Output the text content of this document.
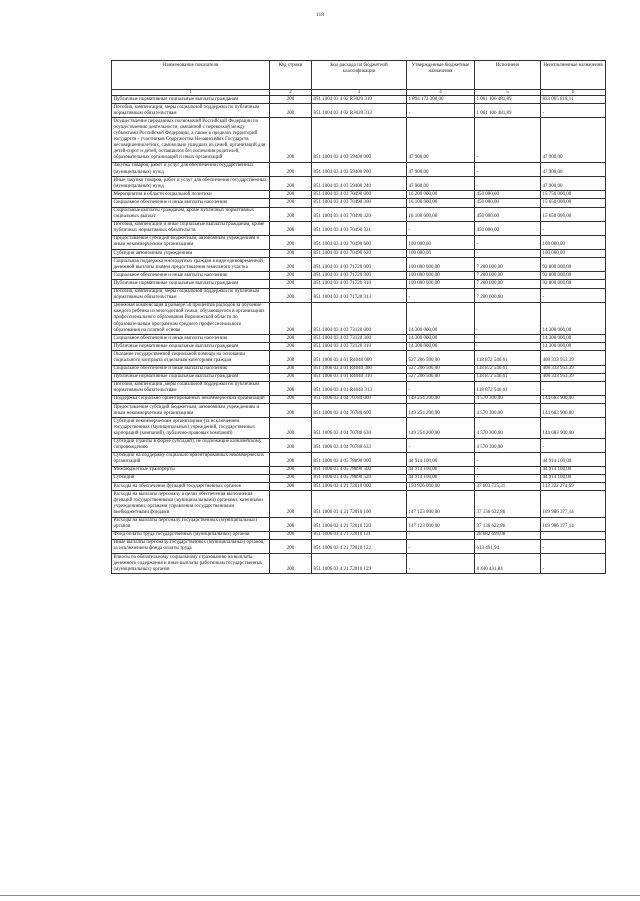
118
Наименование показателя	Код строки	Код расхода по бюджетной классификации	Утвержденные бюджетные назначения	Исполнено	Неисполненные назначения
1	2	3	4	5	6
Публичные нормативные социальные выплаты гражданам	200	851 1004 03 4 02 R3020 310	1 894 172 300,00	1 061 106 481,89	833 065 818,11
Пособия, компенсации, меры социальной поддержки по публичным нормативным обязательствам	200	851 1004 03 4 02 R3020 313	-	1 061 106 481,89	-
Осуществление переданных полномочий Российской Федерации по осуществлению деятельности, связанной с перевозкой между субъектами Российской Федерации, а также в пределах территорий государств - участников Содружества Независимых Государств несовершеннолетних, самовольно ушедших из семей, организаций для детей-сирот и детей, оставшихся без попечения родителей, образовательных организаций и иных организаций	200	851 1004 03 4 03 59400 000	47 900,00	-	47 900,00
Закупка товаров, работ и услуг для обеспечения государственных (муниципальных) нужд	200	851 1004 03 4 03 59400 200	47 900,00	-	47 900,00
Иные закупки товаров, работ и услуг для обеспечения государственных (муниципальных) нужд	200	851 1004 03 4 03 59400 240	47 900,00	-	47 900,00
Мероприятия в области социальной политики	200	851 1004 03 4 03 70490 000	16 200 000,00	450 000,00	15 750 000,00
Социальное обеспечение и иные выплаты населению	200	851 1004 03 4 03 70490 300	16 100 000,00	450 000,00	15 650 000,00
Социальные выплаты гражданам, кроме публичных нормативных социальных выплат	200	851 1004 03 4 03 70490 320	16 100 000,00	450 000,00	15 650 000,00
Пособия, компенсации и иные социальные выплаты гражданам, кроме публичных нормативных обязательств	200	851 1004 03 4 03 70490 321	-	450 000,00	-
Предоставление субсидий бюджетным, автономным учреждениям и иным некоммерческим организациям	200	851 1004 03 4 03 70490 600	100 000,00	-	100 000,00
Субсидии автономным учреждениям	200	851 1004 03 4 03 70490 620	100 000,00	-	100 000,00
Социальная поддержка многодетных граждан в виде единовременной денежной выплаты взамен предоставления земельного участка	200	851 1004 03 4 03 71720 000	100 000 000,00	7 200 000,00	92 800 000,00
Социальное обеспечение и иные выплаты населению	200	851 1004 03 4 03 71720 300	100 000 000,00	7 200 000,00	92 800 000,00
Публичные нормативные социальные выплаты гражданам	200	851 1004 03 4 03 71720 310	100 000 000,00	7 200 000,00	92 800 000,00
Пособия, компенсации, меры социальной поддержки по публичным нормативным обязательствам	200	851 1004 03 4 03 71720 313	-	7 200 000,00	-
Денежная компенсация в размере 50 процентов расходов за обучение каждого ребенка из многодетной семьи, обучающегося в организациях профессионального образования Воронежской области по образовательным программам среднего профессионального образования на платной основе	200	851 1004 03 4 03 73120 000	14 300 000,00	-	14 300 000,00
Социальное обеспечение и иные выплаты населению	200	851 1004 03 4 03 73120 300	14 300 000,00	-	14 300 000,00
Публичные нормативные социальные выплаты гражданам	200	851 1004 03 4 03 73120 310	14 300 000,00	-	14 300 000,00
Оказание государственной социальной помощи на основании социального контракта отдельным категориям граждан	200	851 1006 03 4 01 R4040 000	527 206 500,00	118 872 546,61	408 333 953,39
Социальное обеспечение и иные выплаты населению	200	851 1006 03 4 01 R4040 300	527 206 500,00	118 872 546,61	408 333 953,39
Публичные нормативные социальные выплаты гражданам	200	851 1006 03 4 01 R4040 310	527 206 500,00	118 872 546,61	408 333 953,39
Пособия, компенсации, меры социальной поддержки по публичным нормативным обязательствам	200	851 1006 03 4 01 R4040 313	-	118 872 546,61	-
Поддержка социально ориентированных некоммерческих организаций	200	851 1006 03 4 04 70780 000	149 254 200,00	4 570 300,00	144 683 900,00
Предоставление субсидий бюджетным, автономным учреждениям и иным некоммерческим организациям	200	851 1006 03 4 04 70780 600	149 254 200,00	4 570 300,00	144 683 900,00
Субсидии некоммерческим организациям (за исключением государственных (муниципальных) учреждений, государственных корпораций (компаний), публично-правовых компаний)	200	851 1006 03 4 04 70780 630	149 254 200,00	4 570 300,00	144 683 900,00
Субсидии (гранты в форме субсидий), не подлежащие казначейскому сопровождению	200	851 1006 03 4 04 70780 633	-	4 570 300,00	-
Субсидии на поддержку социально ориентированных некоммерческих организаций	200	851 1006 03 4 05 78890 000	44 914 100,00	-	44 914 100,00
Межбюджетные трансферты	200	851 1006 03 4 05 78890 500	44 914 100,00	-	44 914 100,00
Субсидии	200	851 1006 03 4 05 78890 520	44 914 100,00	-	44 914 100,00
Расходы на обеспечение функций государственных органов	200	851 1006 03 4 21 72010 000	150 926 000,00	37 603 725,31	113 322 274,69
Расходы на выплаты персоналу в целях обеспечения выполнения функций государственными (муниципальными) органами, казенными учреждениями, органами управления государственными внебюджетными фондами	200	851 1006 03 4 21 72010 100	147 123 000,00	37 136 622,86	109 986 377,14
Расходы на выплаты персоналу государственных (муниципальных) органов	200	851 1006 03 4 21 72010 120	147 123 000,00	37 136 622,86	109 986 377,14
Фонд оплаты труда государственных (муниципальных) органов	200	851 1006 03 4 21 72010 121	-	28 082 699,08	-
Иные выплаты персоналу государственных (муниципальных) органов, за исключением фонда оплаты труда	200	851 1006 03 4 21 72010 122	-	613 491,94	-
Взносы по обязательному социальному страхованию на выплаты денежного содержания и иные выплаты работникам государственных (муниципальных) органов	200	851 1006 03 4 21 72010 129	-	8 440 431,84	-
